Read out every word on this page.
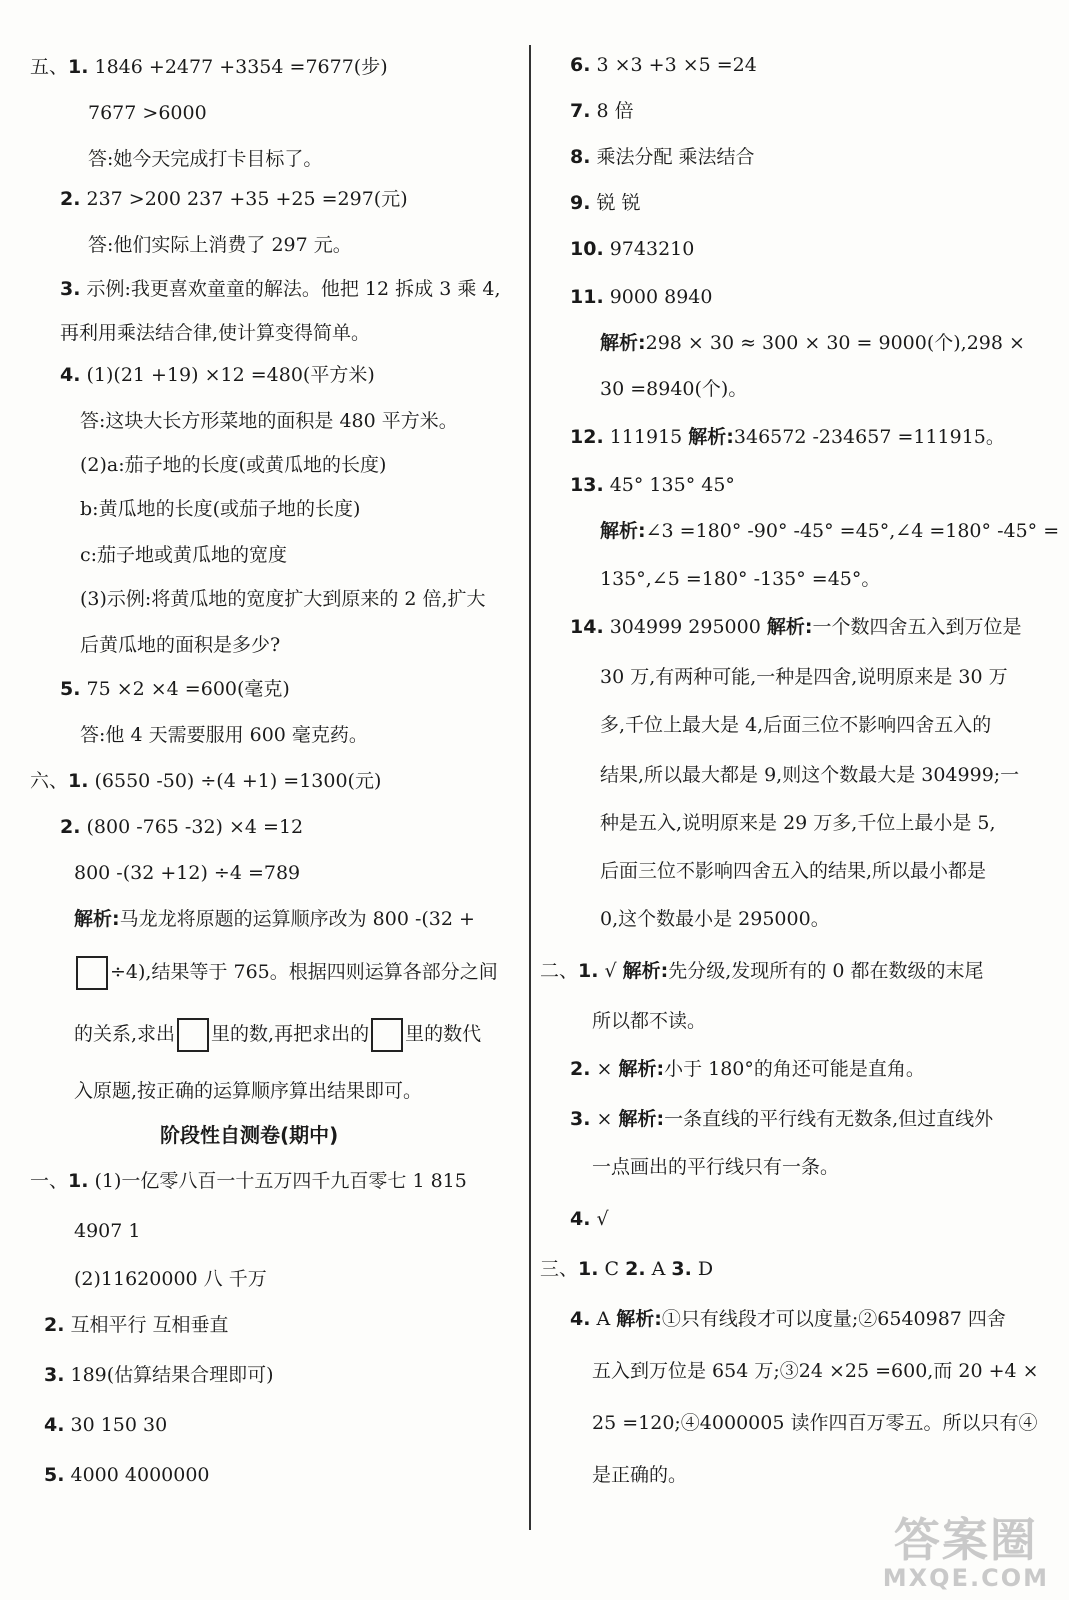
五、1. 1846 +2477 +3354 =7677(步)
7677 >6000
答:她今天完成打卡目标了。
2. 237 >200 237 +35 +25 =297(元)
答:他们实际上消费了 297 元。
3. 示例:我更喜欢童童的解法。他把 12 拆成 3 乘 4,
再利用乘法结合律,使计算变得简单。
4. (1)(21 +19) ×12 =480(平方米)
答:这块大长方形菜地的面积是 480 平方米。
(2)a:茄子地的长度(或黄瓜地的长度)
b:黄瓜地的长度(或茄子地的长度)
c:茄子地或黄瓜地的宽度
(3)示例:将黄瓜地的宽度扩大到原来的 2 倍,扩大
后黄瓜地的面积是多少?
5. 75 ×2 ×4 =600(毫克)
答:他 4 天需要服用 600 毫克药。
六、1. (6550 -50) ÷(4 +1) =1300(元)
2. (800 -765 -32) ×4 =12
800 -(32 +12) ÷4 =789
解析:马龙龙将原题的运算顺序改为 800 -(32 +
÷4),结果等于 765。根据四则运算各部分之间
的关系,求出 里的数,再把求出的 里的数代
入原题,按正确的运算顺序算出结果即可。
阶段性自测卷(期中)
一、1. (1)一亿零八百一十五万四千九百零七 1 815
4907 1
(2)11620000 八 千万
2. 互相平行 互相垂直
3. 189(估算结果合理即可)
4. 30 150 30
5. 4000 4000000
6. 3 ×3 +3 ×5 =24
7. 8 倍
8. 乘法分配 乘法结合
9. 锐 锐
10. 9743210
11. 9000 8940
解析:298 × 30 ≈ 300 × 30 = 9000(个),298 ×
30 =8940(个)。
12. 111915 解析:346572 -234657 =111915。
13. 45° 135° 45°
解析:∠3 =180° -90° -45° =45°,∠4 =180° -45° =
135°,∠5 =180° -135° =45°。
14. 304999 295000 解析:一个数四舍五入到万位是
30 万,有两种可能,一种是四舍,说明原来是 30 万
多,千位上最大是 4,后面三位不影响四舍五入的
结果,所以最大都是 9,则这个数最大是 304999;一
种是五入,说明原来是 29 万多,千位上最小是 5,
后面三位不影响四舍五入的结果,所以最小都是
0,这个数最小是 295000。
二、1. √ 解析:先分级,发现所有的 0 都在数级的末尾
所以都不读。
2. × 解析:小于 180°的角还可能是直角。
3. × 解析:一条直线的平行线有无数条,但过直线外
一点画出的平行线只有一条。
4. √
三、1. C 2. A 3. D
4. A 解析:①只有线段才可以度量;②6540987 四舍
五入到万位是 654 万;③24 ×25 =600,而 20 +4 ×
25 =120;④4000005 读作四百万零五。所以只有④
是正确的。
答案圈
MXQE.COM
